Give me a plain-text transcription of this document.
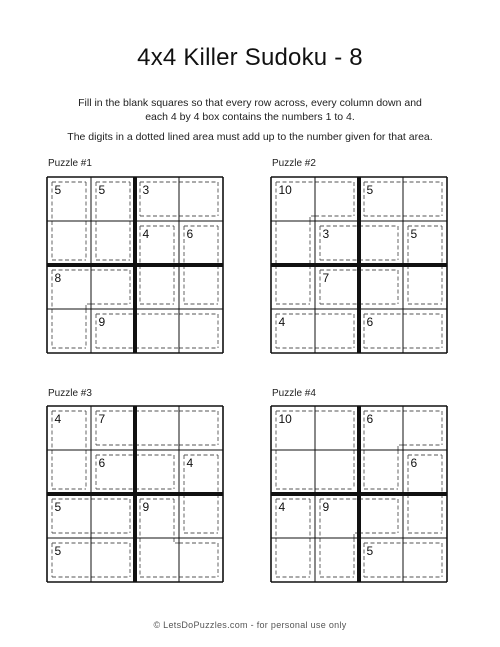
4x4 Killer Sudoku - 8
Fill in the blank squares so that every row across, every column down and
each 4 by 4 box contains the numbers 1 to 4.
The digits in a dotted lined area must add up to the number given for that area.
Puzzle #1
5	5	3
4	6
8
9
Puzzle #2
10	5
3	5
7
4	6
Puzzle #3
4	7
6	4
5	9
5
Puzzle #4
10	6
6
4	9
5
© LetsDoPuzzles.com - for personal use only
